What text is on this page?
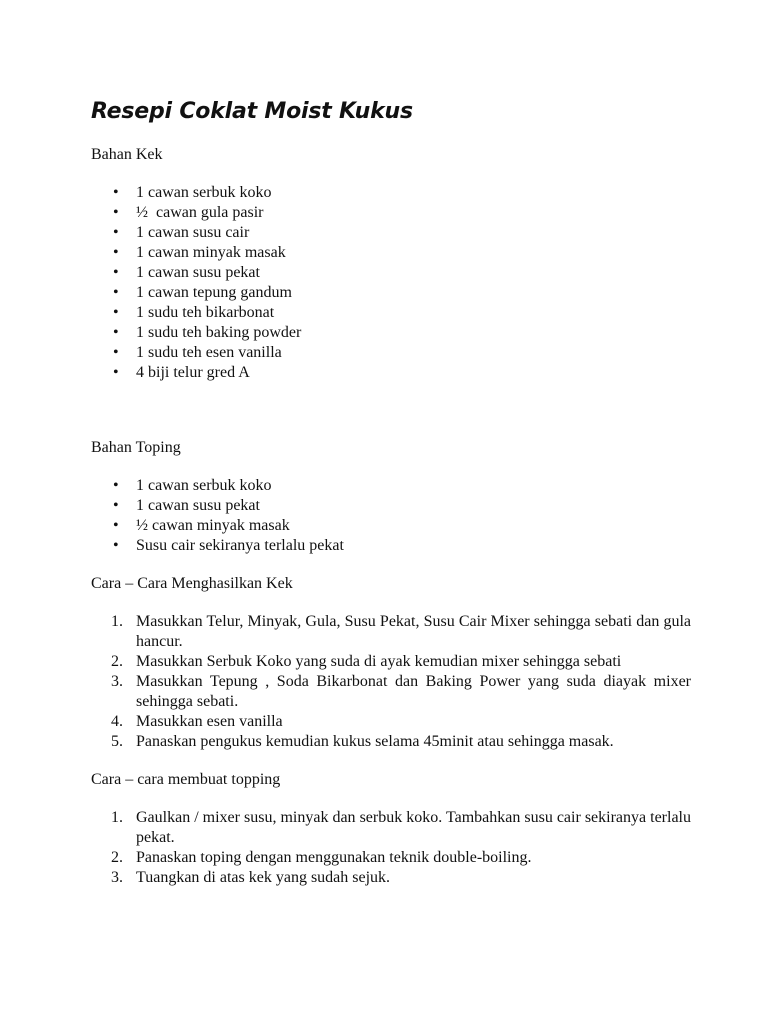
Resepi Coklat Moist Kukus

Bahan Kek

• 1 cawan serbuk koko
• ½  cawan gula pasir
• 1 cawan susu cair
• 1 cawan minyak masak
• 1 cawan susu pekat
• 1 cawan tepung gandum
• 1 sudu teh bikarbonat
• 1 sudu teh baking powder
• 1 sudu teh esen vanilla
• 4 biji telur gred A

Bahan Toping

• 1 cawan serbuk koko
• 1 cawan susu pekat
• ½ cawan minyak masak
• Susu cair sekiranya terlalu pekat

Cara – Cara Menghasilkan Kek

1. Masukkan Telur, Minyak, Gula, Susu Pekat, Susu Cair Mixer sehingga sebati dan gula hancur.
2. Masukkan Serbuk Koko yang suda di ayak kemudian mixer sehingga sebati
3. Masukkan Tepung , Soda Bikarbonat dan Baking Power yang suda diayak mixer sehingga sebati.
4. Masukkan esen vanilla
5. Panaskan pengukus kemudian kukus selama 45minit atau sehingga masak.

Cara – cara membuat topping

1. Gaulkan / mixer susu, minyak dan serbuk koko. Tambahkan susu cair sekiranya terlalu pekat.
2. Panaskan toping dengan menggunakan teknik double-boiling.
3. Tuangkan di atas kek yang sudah sejuk.
